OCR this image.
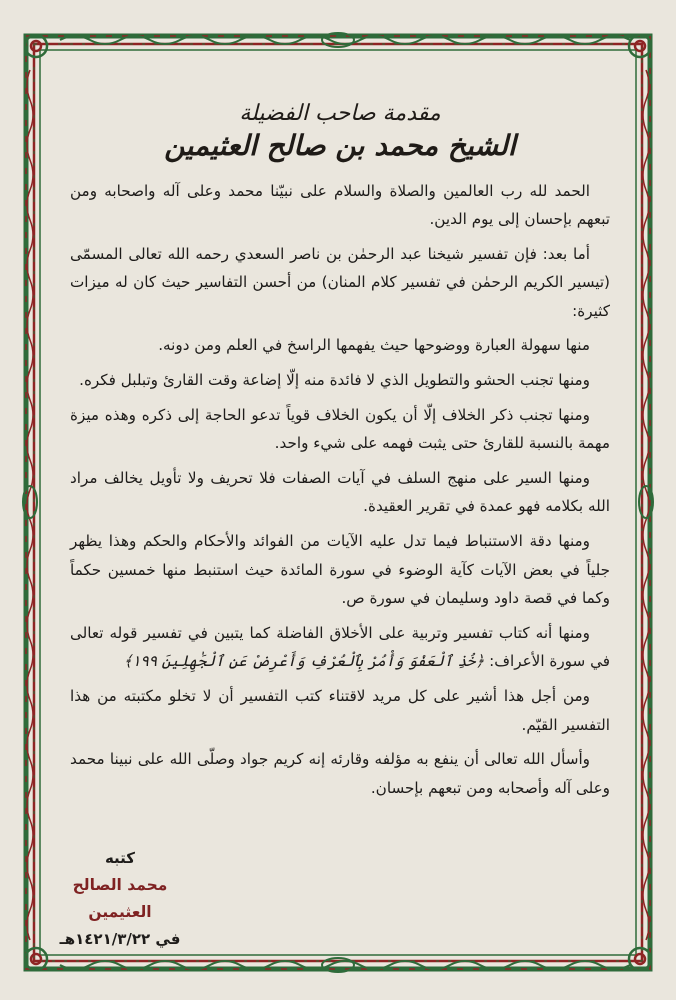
مقدمة صاحب الفضيلة
الشيخ محمد بن صالح العثيمين

الحمد لله رب العالمين والصلاة والسلام على نبيّنا محمد وعلى آله واصحابه ومن تبعهم بإحسان إلى يوم الدين.

أما بعد: فإن تفسير شيخنا عبد الرحمٰن بن ناصر السعدي رحمه الله تعالى المسمّى (تيسير الكريم الرحمٰن في تفسير كلام المنان) من أحسن التفاسير حيث كان له ميزات كثيرة:

منها سهولة العبارة ووضوحها حيث يفهمها الراسخ في العلم ومن دونه.

ومنها تجنب الحشو والتطويل الذي لا فائدة منه إلّا إضاعة وقت القارئ وتبلبل فكره.

ومنها تجنب ذكر الخلاف إلّا أن يكون الخلاف قوياً تدعو الحاجة إلى ذكره وهذه ميزة مهمة بالنسبة للقارئ حتى يثبت فهمه على شيء واحد.

ومنها السير على منهج السلف في آيات الصفات فلا تحريف ولا تأويل يخالف مراد الله بكلامه فهو عمدة في تقرير العقيدة.

ومنها دقة الاستنباط فيما تدل عليه الآيات من الفوائد والأحكام والحكم وهذا يظهر جلياً في بعض الآيات كآية الوضوء في سورة المائدة حيث استنبط منها خمسين حكماً وكما في قصة داود وسليمان في سورة ص.

ومنها أنه كتاب تفسير وتربية على الأخلاق الفاضلة كما يتبين في تفسير قوله تعالى في سورة الأعراف: ﴿خُذِ ٱلْعَفْوَ وَأْمُرْ بِٱلْعُرْفِ وَأَعْرِضْ عَنِ ٱلْجَٰهِلِينَ ١٩٩﴾

ومن أجل هذا أشير على كل مريد لاقتناء كتب التفسير أن لا تخلو مكتبته من هذا التفسير القيّم.

وأسأل الله تعالى أن ينفع به مؤلفه وقارئه إنه كريم جواد وصلّى الله على نبينا محمد وعلى آله وأصحابه ومن تبعهم بإحسان.

كتبه
محمد الصالح العثيمين
في ١٤٢١/٣/٢٢هـ
